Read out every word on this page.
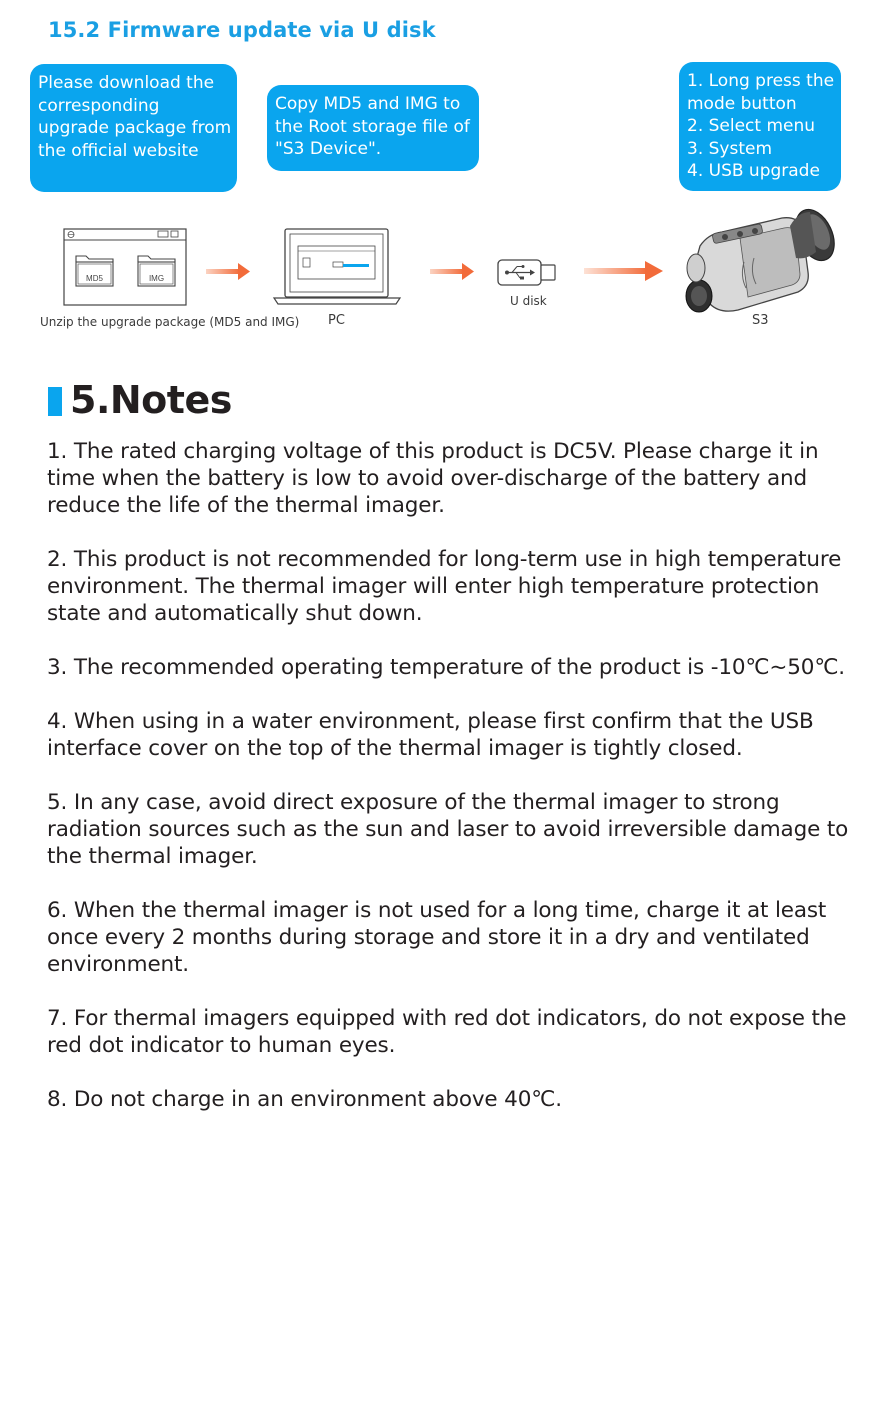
15.2 Firmware update via U disk
Please download the
corresponding
upgrade package from
the official website
Copy MD5 and IMG to
the Root storage file of
"S3 Device".
1. Long press the
mode button
2. Select menu
3. System
4. USB upgrade
MD5	IMG
Unzip the upgrade package (MD5 and IMG) PC
U disk
S3
5.Notes
1. The rated charging voltage of this product is DC5V. Please charge it in
time when the battery is low to avoid over-discharge of the battery and
reduce the life of the thermal imager.
2. This product is not recommended for long-term use in high temperature
environment. The thermal imager will enter high temperature protection
state and automatically shut down.
3. The recommended operating temperature of the product is -10℃~50℃.
4. When using in a water environment, please first confirm that the USB
interface cover on the top of the thermal imager is tightly closed.
5. In any case, avoid direct exposure of the thermal imager to strong
radiation sources such as the sun and laser to avoid irreversible damage to
the thermal imager.
6. When the thermal imager is not used for a long time, charge it at least
once every 2 months during storage and store it in a dry and ventilated
environment.
7. For thermal imagers equipped with red dot indicators, do not expose the
red dot indicator to human eyes.
8. Do not charge in an environment above 40℃.
